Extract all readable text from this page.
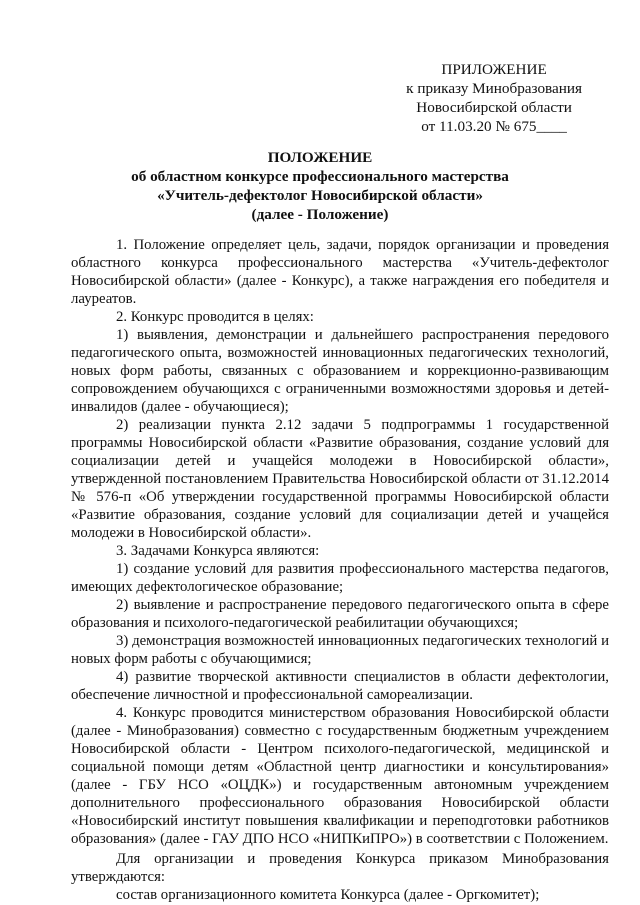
ПРИЛОЖЕНИЕ
к приказу Минобразования
Новосибирской области
от 11.03.20 № 675____
ПОЛОЖЕНИЕ
об областном конкурсе профессионального мастерства
«Учитель-дефектолог Новосибирской области»
(далее - Положение)

1. Положение определяет цель, задачи, порядок организации и проведения областного конкурса профессионального мастерства «Учитель-дефектолог Новосибирской области» (далее - Конкурс), а также награждения его победителя и лауреатов.

2. Конкурс проводится в целях:

1) выявления, демонстрации и дальнейшего распространения передового педагогического опыта, возможностей инновационных педагогических технологий, новых форм работы, связанных с образованием и коррекционно-развивающим сопровождением обучающихся с ограниченными возможностями здоровья и детей-инвалидов (далее - обучающиеся);

2) реализации пункта 2.12 задачи 5 подпрограммы 1 государственной программы Новосибирской области «Развитие образования, создание условий для социализации детей и учащейся молодежи в Новосибирской области», утвержденной постановлением Правительства Новосибирской области от 31.12.2014 № 576-п «Об утверждении государственной программы Новосибирской области «Развитие образования, создание условий для социализации детей и учащейся молодежи в Новосибирской области».

3. Задачами Конкурса являются:

1) создание условий для развития профессионального мастерства педагогов, имеющих дефектологическое образование;

2) выявление и распространение передового педагогического опыта в сфере образования и психолого-педагогической реабилитации обучающихся;

3) демонстрация возможностей инновационных педагогических технологий и новых форм работы с обучающимися;

4) развитие творческой активности специалистов в области дефектологии, обеспечение личностной и профессиональной самореализации.

4. Конкурс проводится министерством образования Новосибирской области (далее - Минобразования) совместно с государственным бюджетным учреждением Новосибирской области - Центром психолого-педагогической, медицинской и социальной помощи детям «Областной центр диагностики и консультирования» (далее - ГБУ НСО «ОЦДК») и государственным автономным учреждением дополнительного профессионального образования Новосибирской области «Новосибирский институт повышения квалификации и переподготовки работников образования» (далее - ГАУ ДПО НСО «НИПКиПРО») в соответствии с Положением.

Для организации и проведения Конкурса приказом Минобразования утверждаются:

состав организационного комитета Конкурса (далее - Оргкомитет);
